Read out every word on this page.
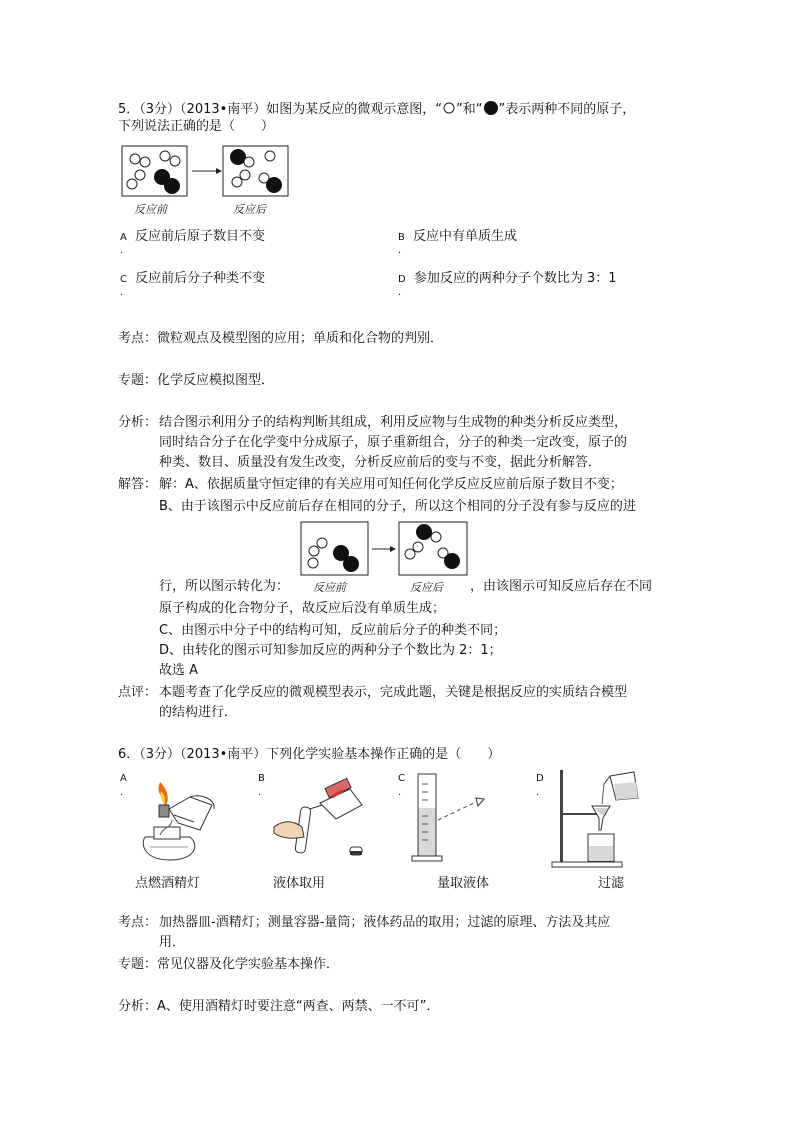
5．（3分）（2013•南平）如图为某反应的微观示意图，“ ”和“ ”表示两种不同的原子，
下列说法正确的是（　　）
反应前	反应后
A 反应前后原子数目不变
.
B 反应中有单质生成
.
C 反应前后分子种类不变
.
D 参加反应的两种分子个数比为 3：1
.
考点：微粒观点及模型图的应用；单质和化合物的判别．
专题：化学反应模拟图型．
分析： 结合图示利用分子的结构判断其组成，利用反应物与生成物的种类分析反应类型，
同时结合分子在化学变中分成原子，原子重新组合，分子的种类一定改变，原子的
种类、数目、质量没有发生改变，分析反应前后的变与不变，据此分析解答．
解答： 解：A、依据质量守恒定律的有关应用可知任何化学反应反应前后原子数目不变；
B、由于该图示中反应前后存在相同的分子，所以这个相同的分子没有参与反应的进
行，所以图示转化为： 反应前	反应后 ，由该图示可知反应后存在不同
原子构成的化合物分子，故反应后没有单质生成；
C、由图示中分子中的结构可知，反应前后分子的种类不同；
D、由转化的图示可知参加反应的两种分子个数比为 2：1；
故选 A
点评： 本题考查了化学反应的微观模型表示，完成此题，关键是根据反应的实质结合模型
的结构进行．
6．（3分）（2013•南平）下列化学实验基本操作正确的是（　　）
A
.
点燃酒精灯
B
.
液体取用
C
.
量取液体
D
.
过滤
考点： 加热器皿-酒精灯；测量容器-量筒；液体药品的取用；过滤的原理、方法及其应
用．
专题：常见仪器及化学实验基本操作．
分析：A、使用酒精灯时要注意“两查、两禁、一不可”．
